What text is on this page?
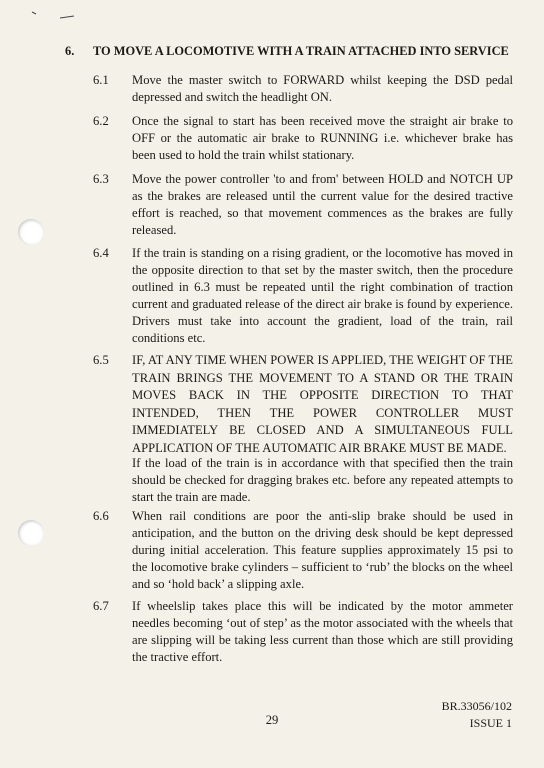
6. TO MOVE A LOCOMOTIVE WITH A TRAIN ATTACHED INTO SERVICE
6.1 Move the master switch to FORWARD whilst keeping the DSD pedal depressed and switch the headlight ON.
6.2 Once the signal to start has been received move the straight air brake to OFF or the automatic air brake to RUNNING i.e. whichever brake has been used to hold the train whilst stationary.
6.3 Move the power controller 'to and from' between HOLD and NOTCH UP as the brakes are released until the current value for the desired tractive effort is reached, so that movement commences as the brakes are fully released.
6.4 If the train is standing on a rising gradient, or the locomotive has moved in the opposite direction to that set by the master switch, then the procedure outlined in 6.3 must be repeated until the right combination of traction current and graduated release of the direct air brake is found by experience. Drivers must take into account the gradient, load of the train, rail conditions etc.
6.5 IF, AT ANY TIME WHEN POWER IS APPLIED, THE WEIGHT OF THE TRAIN BRINGS THE MOVEMENT TO A STAND OR THE TRAIN MOVES BACK IN THE OPPOSITE DIRECTION TO THAT INTENDED, THEN THE POWER CONTROLLER MUST IMMEDIATELY BE CLOSED AND A SIMULTANEOUS FULL APPLICATION OF THE AUTOMATIC AIR BRAKE MUST BE MADE.
If the load of the train is in accordance with that specified then the train should be checked for dragging brakes etc. before any repeated attempts to start the train are made.
6.6 When rail conditions are poor the anti-slip brake should be used in anticipation, and the button on the driving desk should be kept depressed during initial acceleration. This feature supplies approximately 15 psi to the locomotive brake cylinders – sufficient to ‘rub’ the blocks on the wheel and so ‘hold back’ a slipping axle.
6.7 If wheelslip takes place this will be indicated by the motor ammeter needles becoming ‘out of step’ as the motor associated with the wheels that are slipping will be taking less current than those which are still providing the tractive effort.
29
BR.33056/102
ISSUE 1
